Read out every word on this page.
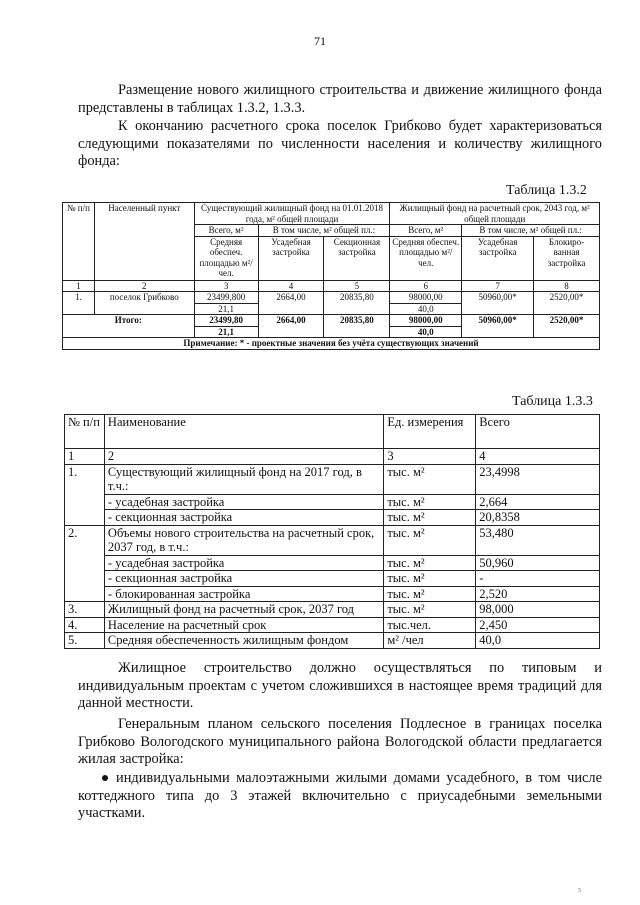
71

Размещение нового жилищного строительства и движение жилищного фонда представлены в таблицах 1.3.2, 1.3.3.

К окончанию расчетного срока поселок Грибково будет характеризоваться следующими показателями по численности населения и количеству жилищного фонда:

Таблица 1.3.2
№ п/п	Населенный пункт	Существующий жилищный фонд на 01.01.2018 года, м² общей площади			Жилищный фонд на расчетный срок, 2043 год, м² общей площади		
		Всего, м²	В том числе, м² общей пл.:		Всего, м²	В том числе, м² общей пл.:	
		Средняя обеспеч. площадью м²/чел.	Усадебная застройка	Секционная застройка	Средняя обеспеч. площадью м²/чел.	Усадебная застройка	Блокиро-ванная застройка
1	2	3	4	5	6	7	8
1.	поселок Грибково	23499,800	2664,00	20835,80	98000,00	50960,00*	2520,00*
		21,1			40,0		
Итого:		23499,80	2664,00	20835,80	98000,00	50960,00*	2520,00*
		21,1			40,0		
Примечание: * - проектные значения без учёта существующих значений							
Таблица 1.3.3
№ п/п	Наименование	Ед. измерения	Всего
1	2	3	4
1.	Существующий жилищный фонд на 2017 год, в т.ч.:	тыс. м²	23,4998
	- усадебная застройка	тыс. м²	2,664
	- секционная застройка	тыс. м²	20,8358
2.	Объемы нового строительства на расчетный срок, 2037 год, в т.ч.:	тыс. м²	53,480
	- усадебная застройка	тыс. м²	50,960
	- секционная застройка	тыс. м²	-
	- блокированная застройка	тыс. м²	2,520
3.	Жилищный фонд на расчетный срок, 2037 год	тыс. м²	98,000
4.	Население на расчетный срок	тыс.чел.	2,450
5.	Средняя обеспеченность жилищным фондом	м² /чел	40,0

Жилищное строительство должно осуществляться по типовым и индивидуальным проектам с учетом сложившихся в настоящее время традиций для данной местности.

Генеральным планом сельского поселения Подлесное в границах поселка Грибково Вологодского муниципального района Вологодской области предлагается жилая застройка:

индивидуальными малоэтажными жилыми домами усадебного, в том числе коттеджного типа до 3 этажей включительно с приусадебными земельными участками.

5
